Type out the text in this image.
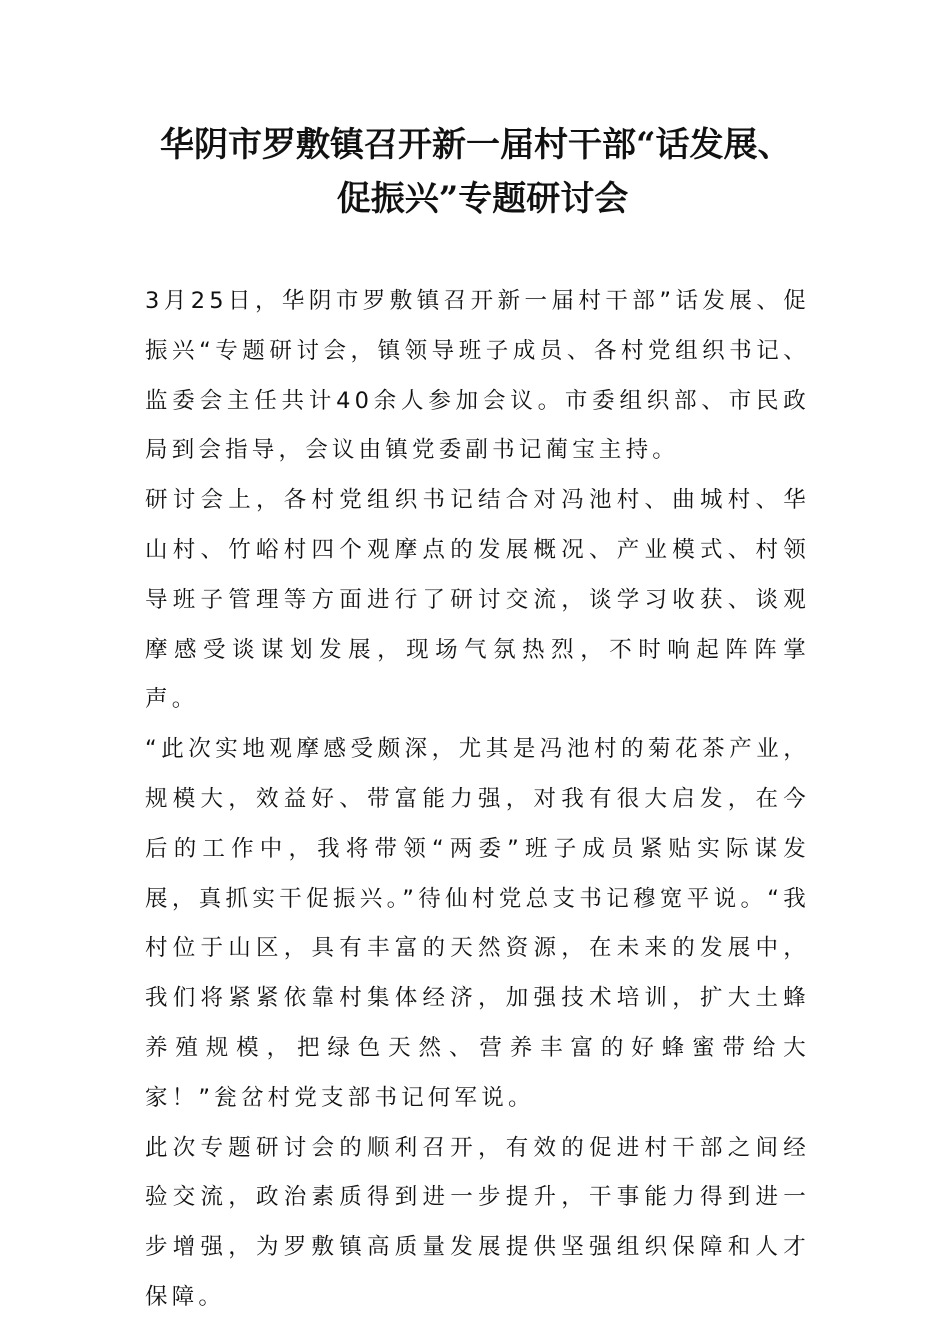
华阴市罗敷镇召开新一届村干部“话发展、
促振兴”专题研讨会

3月25日，华阴市罗敷镇召开新一届村干部”话发展、促振兴“专题研讨会，镇领导班子成员、各村党组织书记、监委会主任共计40余人参加会议。市委组织部、市民政局到会指导，会议由镇党委副书记蔺宝主持。

研讨会上，各村党组织书记结合对冯池村、曲城村、华山村、竹峪村四个观摩点的发展概况、产业模式、村领导班子管理等方面进行了研讨交流，谈学习收获、谈观摩感受谈谋划发展，现场气氛热烈，不时响起阵阵掌声。

“此次实地观摩感受颇深，尤其是冯池村的菊花茶产业，规模大，效益好、带富能力强，对我有很大启发，在今后的工作中，我将带领“两委”班子成员紧贴实际谋发展，真抓实干促振兴。”待仙村党总支书记穆宽平说。“我村位于山区，具有丰富的天然资源，在未来的发展中，我们将紧紧依靠村集体经济，加强技术培训，扩大土蜂养殖规模，把绿色天然、营养丰富的好蜂蜜带给大家！”瓮岔村党支部书记何军说。

此次专题研讨会的顺利召开，有效的促进村干部之间经验交流，政治素质得到进一步提升，干事能力得到进一步增强，为罗敷镇高质量发展提供坚强组织保障和人才保障。
